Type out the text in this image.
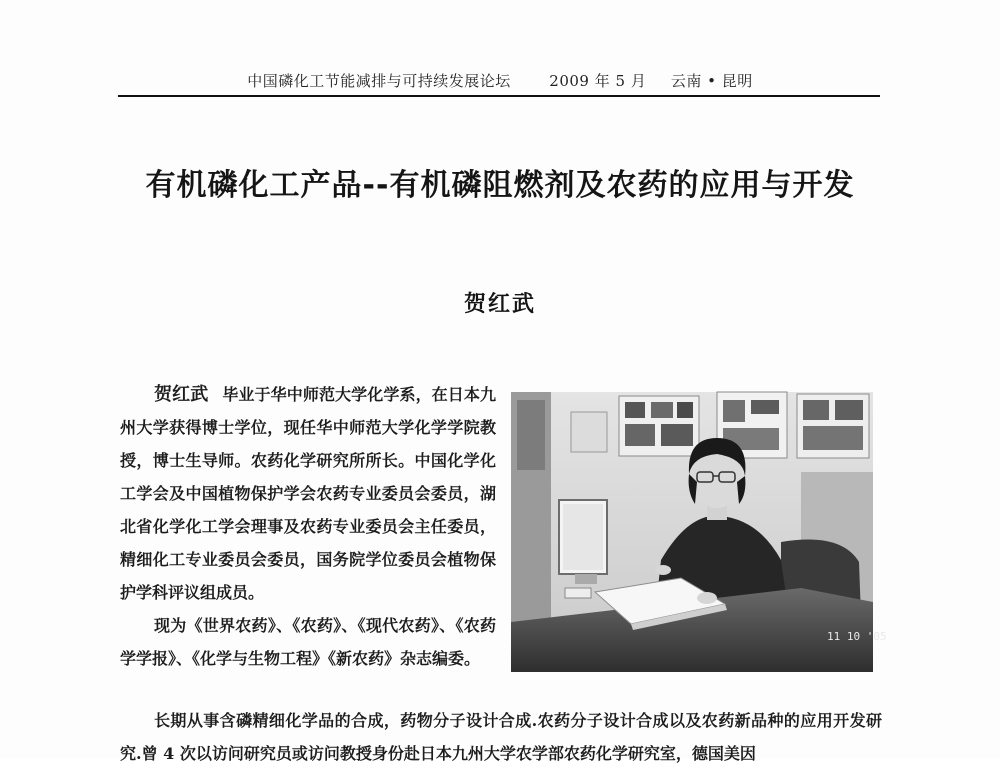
中国磷化工节能减排与可持续发展论坛	2009 年 5 月 云南 • 昆明
有机磷化工产品--有机磷阻燃剂及农药的应用与开发
贺红武

贺红武 毕业于华中师范大学化学系，在日本九州大学获得博士学位，现任华中师范大学化学学院教授，博士生导师。农药化学研究所所长。中国化学化工学会及中国植物保护学会农药专业委员会委员，湖北省化学化工学会理事及农药专业委员会主任委员，精细化工专业委员会委员，国务院学位委员会植物保护学科评议组成员。

现为《世界农药》、《农药》、《现代农药》、《农药学学报》、《化学与生物工程》《新农药》杂志编委。

11 10 '05

长期从事含磷精细化学品的合成，药物分子设计合成.农药分子设计合成以及农药新品种的应用开发研究.曾 4 次以访问研究员或访问教授身份赴日本九州大学农学部农药化学研究室，德国美因
